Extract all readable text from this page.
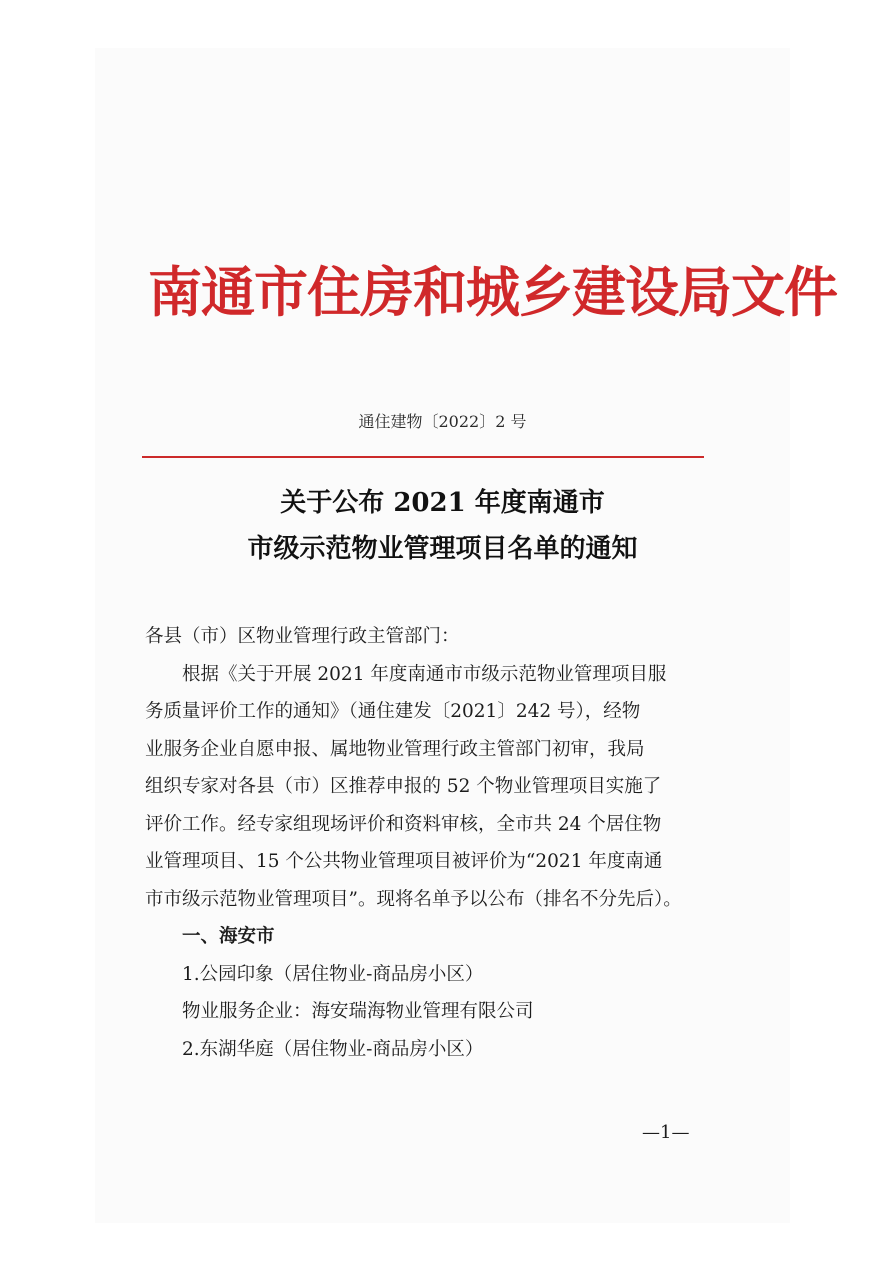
南通市住房和城乡建设局文件
通住建物〔2022〕2 号
关于公布 2021 年度南通市
市级示范物业管理项目名单的通知
各县（市）区物业管理行政主管部门：
根据《关于开展 2021 年度南通市市级示范物业管理项目服
务质量评价工作的通知》（通住建发〔2021〕242 号），经物
业服务企业自愿申报、属地物业管理行政主管部门初审，我局
组织专家对各县（市）区推荐申报的 52 个物业管理项目实施了
评价工作。经专家组现场评价和资料审核，全市共 24 个居住物
业管理项目、15 个公共物业管理项目被评价为“2021 年度南通
市市级示范物业管理项目”。现将名单予以公布（排名不分先后）。
一、海安市
1.公园印象（居住物业-商品房小区）
物业服务企业：海安瑞海物业管理有限公司
2.东湖华庭（居住物业-商品房小区）
—1—
